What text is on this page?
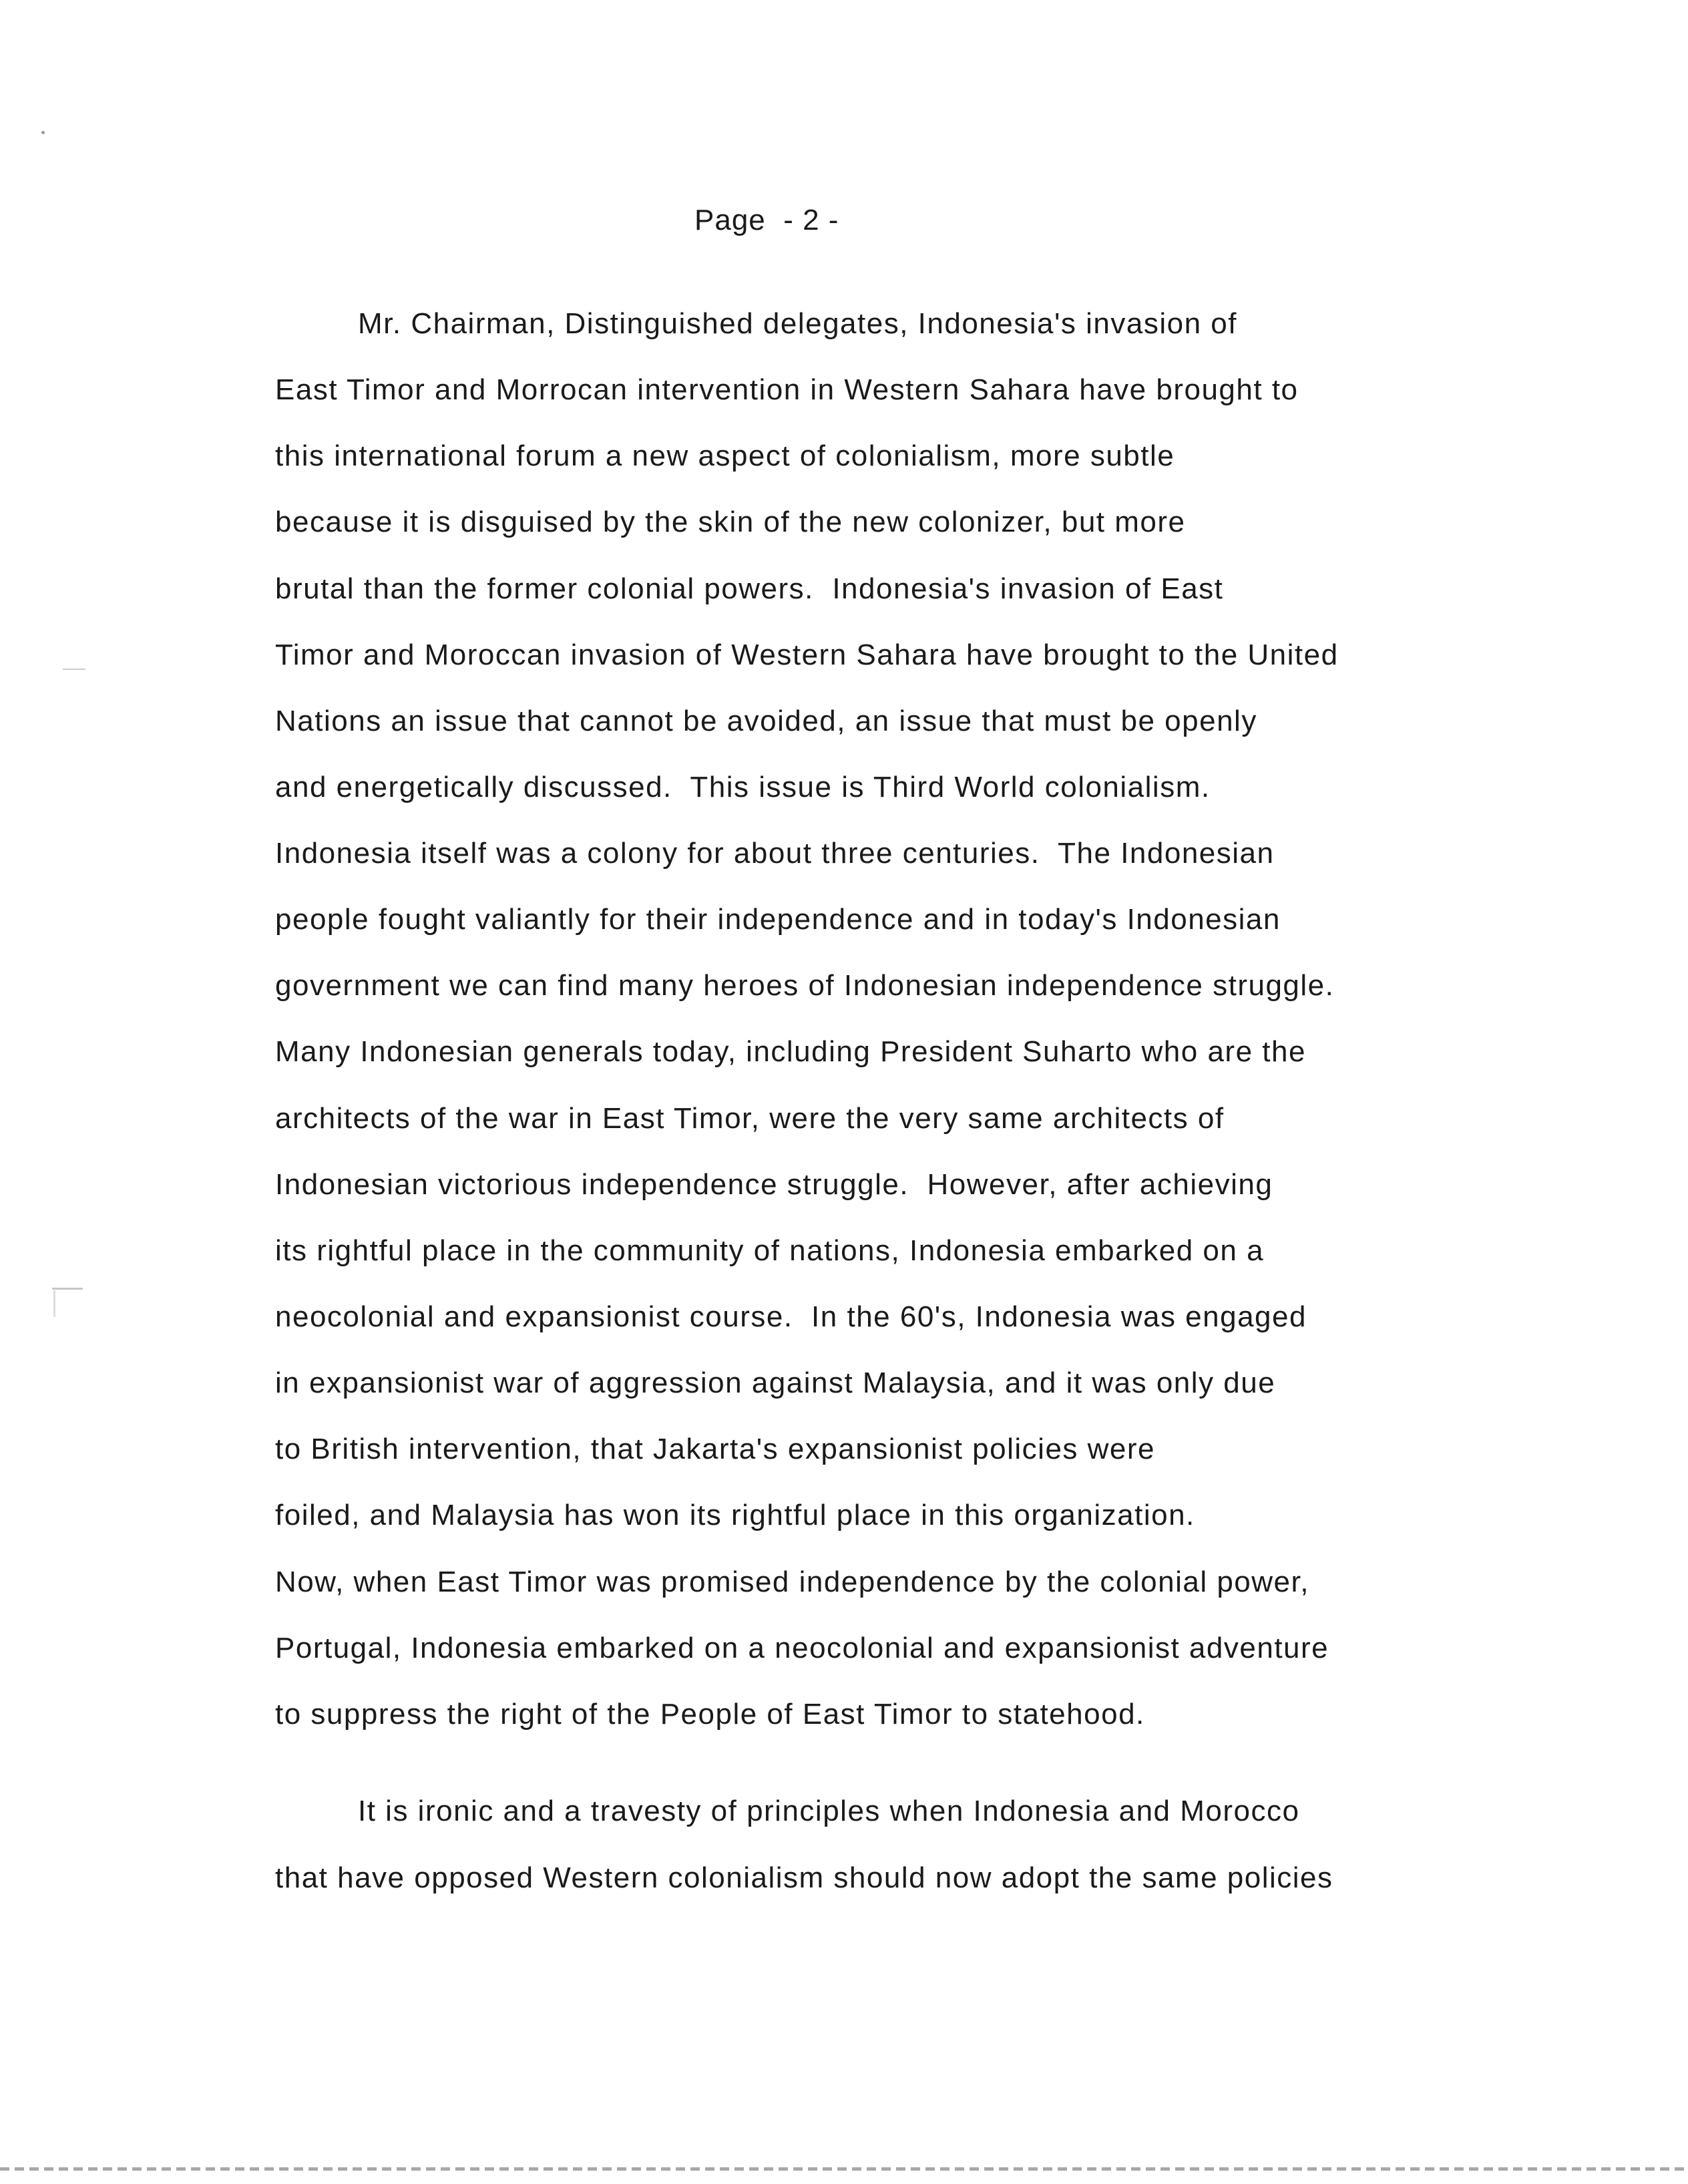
Page  - 2 -
Mr. Chairman, Distinguished delegates, Indonesia's invasion of
East Timor and Morrocan intervention in Western Sahara have brought to
this international forum a new aspect of colonialism, more subtle
because it is disguised by the skin of the new colonizer, but more
brutal than the former colonial powers.  Indonesia's invasion of East
Timor and Moroccan invasion of Western Sahara have brought to the United
Nations an issue that cannot be avoided, an issue that must be openly
and energetically discussed.  This issue is Third World colonialism.
Indonesia itself was a colony for about three centuries.  The Indonesian
people fought valiantly for their independence and in today's Indonesian
government we can find many heroes of Indonesian independence struggle.
Many Indonesian generals today, including President Suharto who are the
architects of the war in East Timor, were the very same architects of
Indonesian victorious independence struggle.  However, after achieving
its rightful place in the community of nations, Indonesia embarked on a
neocolonial and expansionist course.  In the 60's, Indonesia was engaged
in expansionist war of aggression against Malaysia, and it was only due
to British intervention, that Jakarta's expansionist policies were
foiled, and Malaysia has won its rightful place in this organization.
Now, when East Timor was promised independence by the colonial power,
Portugal, Indonesia embarked on a neocolonial and expansionist adventure
to suppress the right of the People of East Timor to statehood.
It is ironic and a travesty of principles when Indonesia and Morocco
that have opposed Western colonialism should now adopt the same policies
